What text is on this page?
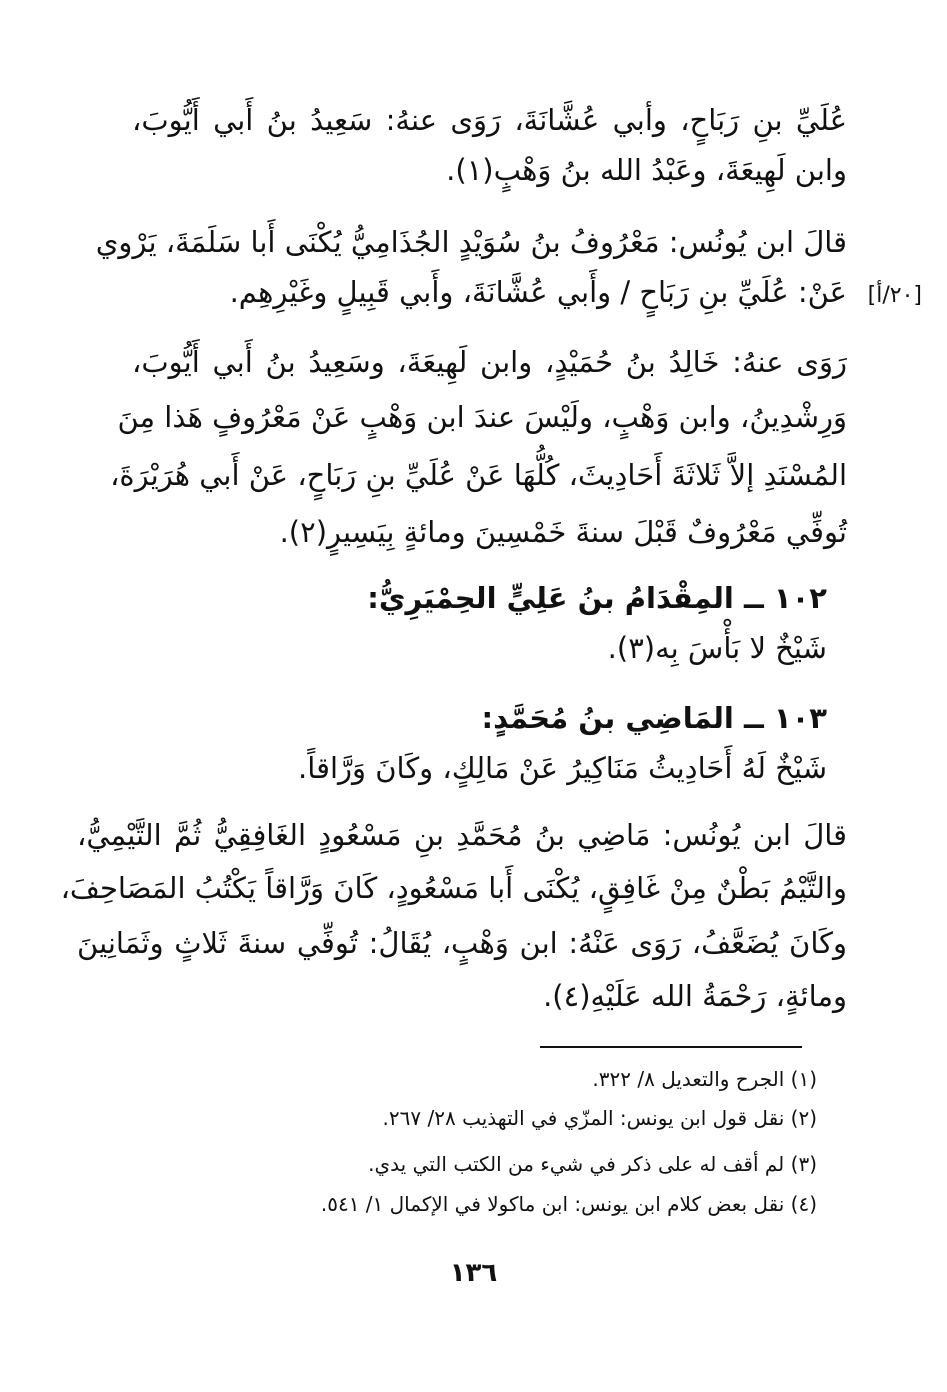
عُلَيِّ بنِ رَبَاحٍ، وأبي عُشَّانَةَ، رَوَى عنهُ: سَعِيدُ بنُ أَبي أَيُّوبَ،
وابن لَهِيعَةَ، وعَبْدُ الله بنُ وَهْبٍ(١).
قالَ ابن يُونُس: مَعْرُوفُ بنُ سُوَيْدٍ الجُذَامِيُّ يُكْنَى أَبا سَلَمَةَ، يَرْوي
عَنْ: عُلَيِّ بنِ رَبَاحٍ / وأَبي عُشَّانَةَ، وأَبي قَبِيلٍ وغَيْرِهِم. [٢٠/أ]
رَوَى عنهُ: خَالِدُ بنُ حُمَيْدٍ، وابن لَهِيعَةَ، وسَعِيدُ بنُ أَبي أَيُّوبَ،
وَرِشْدِينُ، وابن وَهْبٍ، ولَيْسَ عندَ ابن وَهْبٍ عَنْ مَعْرُوفٍ هَذا مِنَ
المُسْنَدِ إلاَّ ثَلاثَةَ أَحَادِيثَ، كُلُّهَا عَنْ عُلَيِّ بنِ رَبَاحٍ، عَنْ أَبي هُرَيْرَةَ،
تُوفِّي مَعْرُوفٌ قَبْلَ سنةَ خَمْسِينَ ومائةٍ بِيَسِيرٍ(٢).
١٠٢ ــ المِقْدَامُ بنُ عَلِيٍّ الحِمْيَرِيُّ:
شَيْخٌ لا بَأْسَ بِه(٣).
١٠٣ ــ المَاضِي بنُ مُحَمَّدٍ:
شَيْخٌ لَهُ أَحَادِيثُ مَنَاكِيرُ عَنْ مَالِكٍ، وكَانَ وَرَّاقاً.
قالَ ابن يُونُس: مَاضِي بنُ مُحَمَّدِ بنِ مَسْعُودٍ الغَافِقِيُّ ثُمَّ التَّيْمِيُّ،
والتَّيْمُ بَطْنٌ مِنْ غَافِقٍ، يُكْنَى أَبا مَسْعُودٍ، كَانَ وَرَّاقاً يَكْتُبُ المَصَاحِفَ،
وكَانَ يُضَعَّفُ، رَوَى عَنْهُ: ابن وَهْبٍ، يُقَالُ: تُوفِّي سنةَ ثَلاثٍ وثَمَانِينَ
ومائةٍ، رَحْمَةُ الله عَلَيْهِ(٤).
(١) الجرح والتعديل ٨/ ٣٢٢.
(٢) نقل قول ابن يونس: المزّي في التهذيب ٢٨/ ٢٦٧.
(٣) لم أقف له على ذكر في شيء من الكتب التي يدي.
(٤) نقل بعض كلام ابن يونس: ابن ماكولا في الإكمال ١/ ٥٤١.
١٣٦
